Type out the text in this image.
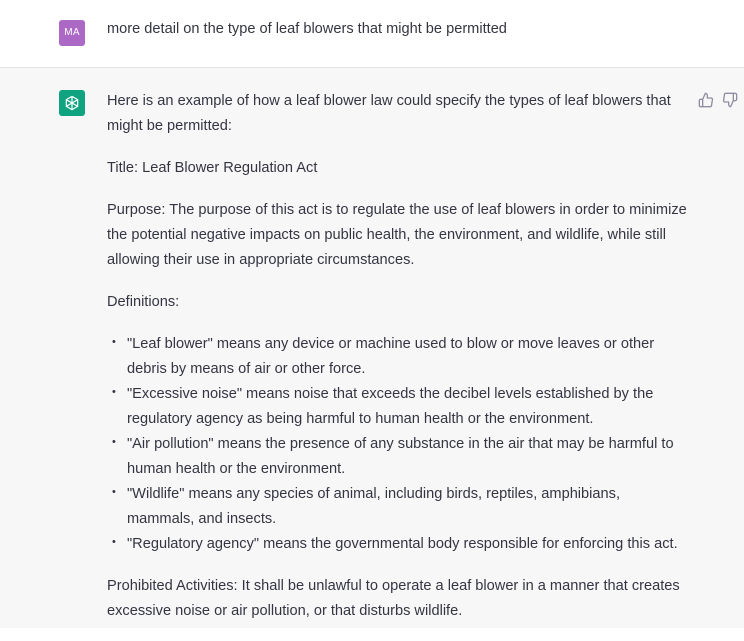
MA	more detail on the type of leaf blowers that might be permitted

Here is an example of how a leaf blower law could specify the types of leaf blowers that might be permitted:

Title: Leaf Blower Regulation Act

Purpose: The purpose of this act is to regulate the use of leaf blowers in order to minimize the potential negative impacts on public health, the environment, and wildlife, while still allowing their use in appropriate circumstances.

Definitions:

• "Leaf blower" means any device or machine used to blow or move leaves or other debris by means of air or other force.
• "Excessive noise" means noise that exceeds the decibel levels established by the regulatory agency as being harmful to human health or the environment.
• "Air pollution" means the presence of any substance in the air that may be harmful to human health or the environment.
• "Wildlife" means any species of animal, including birds, reptiles, amphibians, mammals, and insects.
• "Regulatory agency" means the governmental body responsible for enforcing this act.

Prohibited Activities: It shall be unlawful to operate a leaf blower in a manner that creates excessive noise or air pollution, or that disturbs wildlife.
